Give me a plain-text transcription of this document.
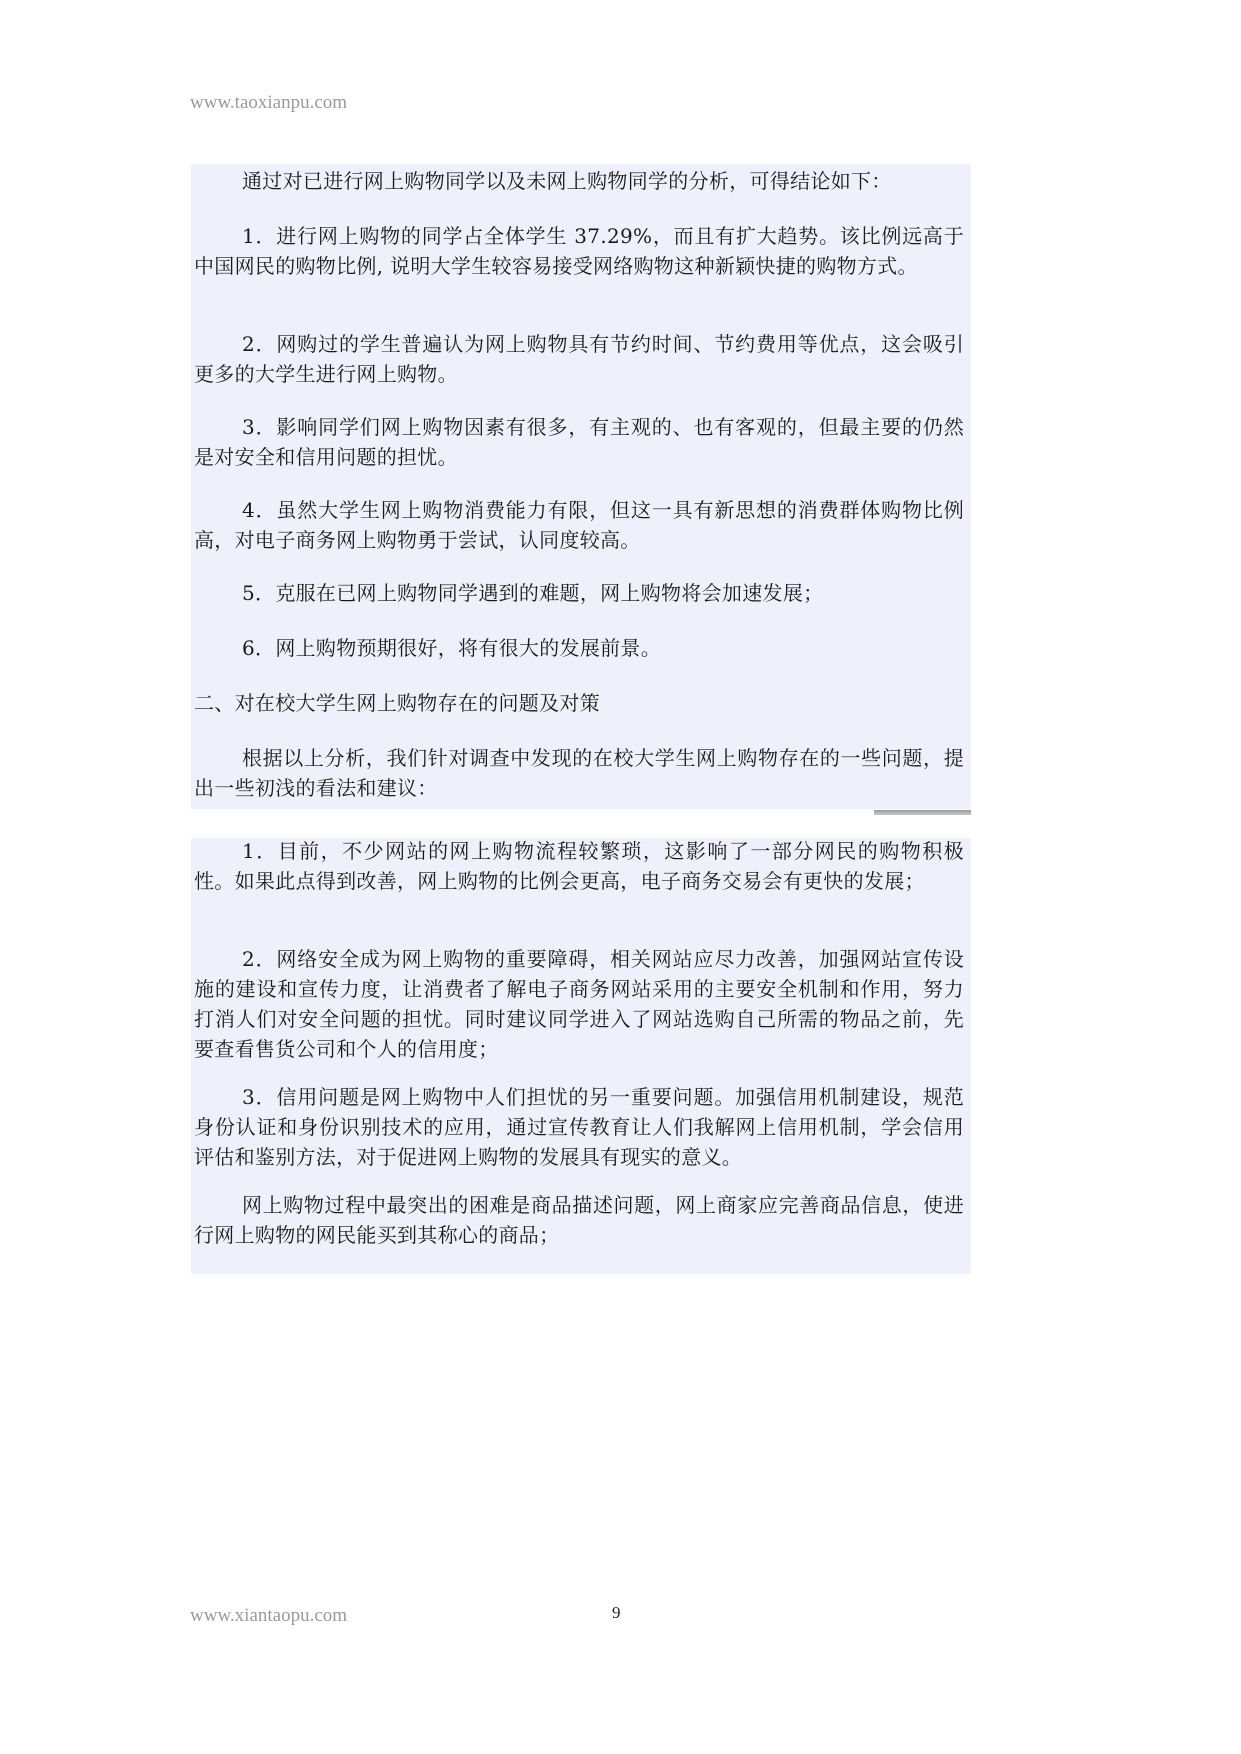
www.taoxianpu.com

通过对已进行网上购物同学以及未网上购物同学的分析，可得结论如下：

1．进行网上购物的同学占全体学生 37.29%，而且有扩大趋势。该比例远高于中国网民的购物比例, 说明大学生较容易接受网络购物这种新颖快捷的购物方式。

2．网购过的学生普遍认为网上购物具有节约时间、节约费用等优点，这会吸引更多的大学生进行网上购物。

3．影响同学们网上购物因素有很多，有主观的、也有客观的，但最主要的仍然是对安全和信用问题的担忧。

4．虽然大学生网上购物消费能力有限，但这一具有新思想的消费群体购物比例高，对电子商务网上购物勇于尝试，认同度较高。

5．克服在已网上购物同学遇到的难题，网上购物将会加速发展；

6．网上购物预期很好，将有很大的发展前景。

二、对在校大学生网上购物存在的问题及对策

根据以上分析，我们针对调查中发现的在校大学生网上购物存在的一些问题，提出一些初浅的看法和建议：

1．目前，不少网站的网上购物流程较繁琐，这影响了一部分网民的购物积极性。如果此点得到改善，网上购物的比例会更高，电子商务交易会有更快的发展；

2．网络安全成为网上购物的重要障碍，相关网站应尽力改善，加强网站宣传设施的建设和宣传力度，让消费者了解电子商务网站采用的主要安全机制和作用，努力打消人们对安全问题的担忧。同时建议同学进入了网站选购自己所需的物品之前，先要查看售货公司和个人的信用度；

3．信用问题是网上购物中人们担忧的另一重要问题。加强信用机制建设，规范身份认证和身份识别技术的应用，通过宣传教育让人们我解网上信用机制，学会信用评估和鉴别方法，对于促进网上购物的发展具有现实的意义。

网上购物过程中最突出的困难是商品描述问题，网上商家应完善商品信息，使进行网上购物的网民能买到其称心的商品；

www.xiantaopu.com	9
